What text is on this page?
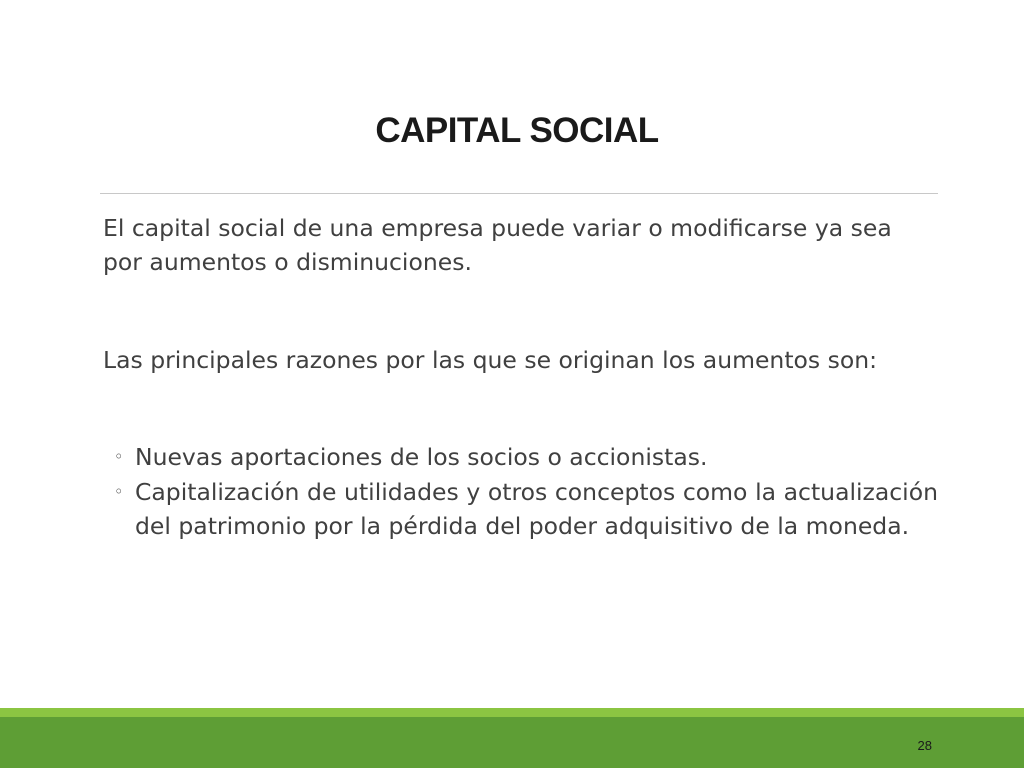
CAPITAL SOCIAL

El capital social de una empresa puede variar o modificarse ya sea por aumentos o disminuciones.

Las principales razones por las que se originan los aumentos son:

◦ Nuevas aportaciones de los socios o accionistas.
◦ Capitalización de utilidades y otros conceptos como la actualización del patrimonio por la pérdida del poder adquisitivo de la moneda.
28
